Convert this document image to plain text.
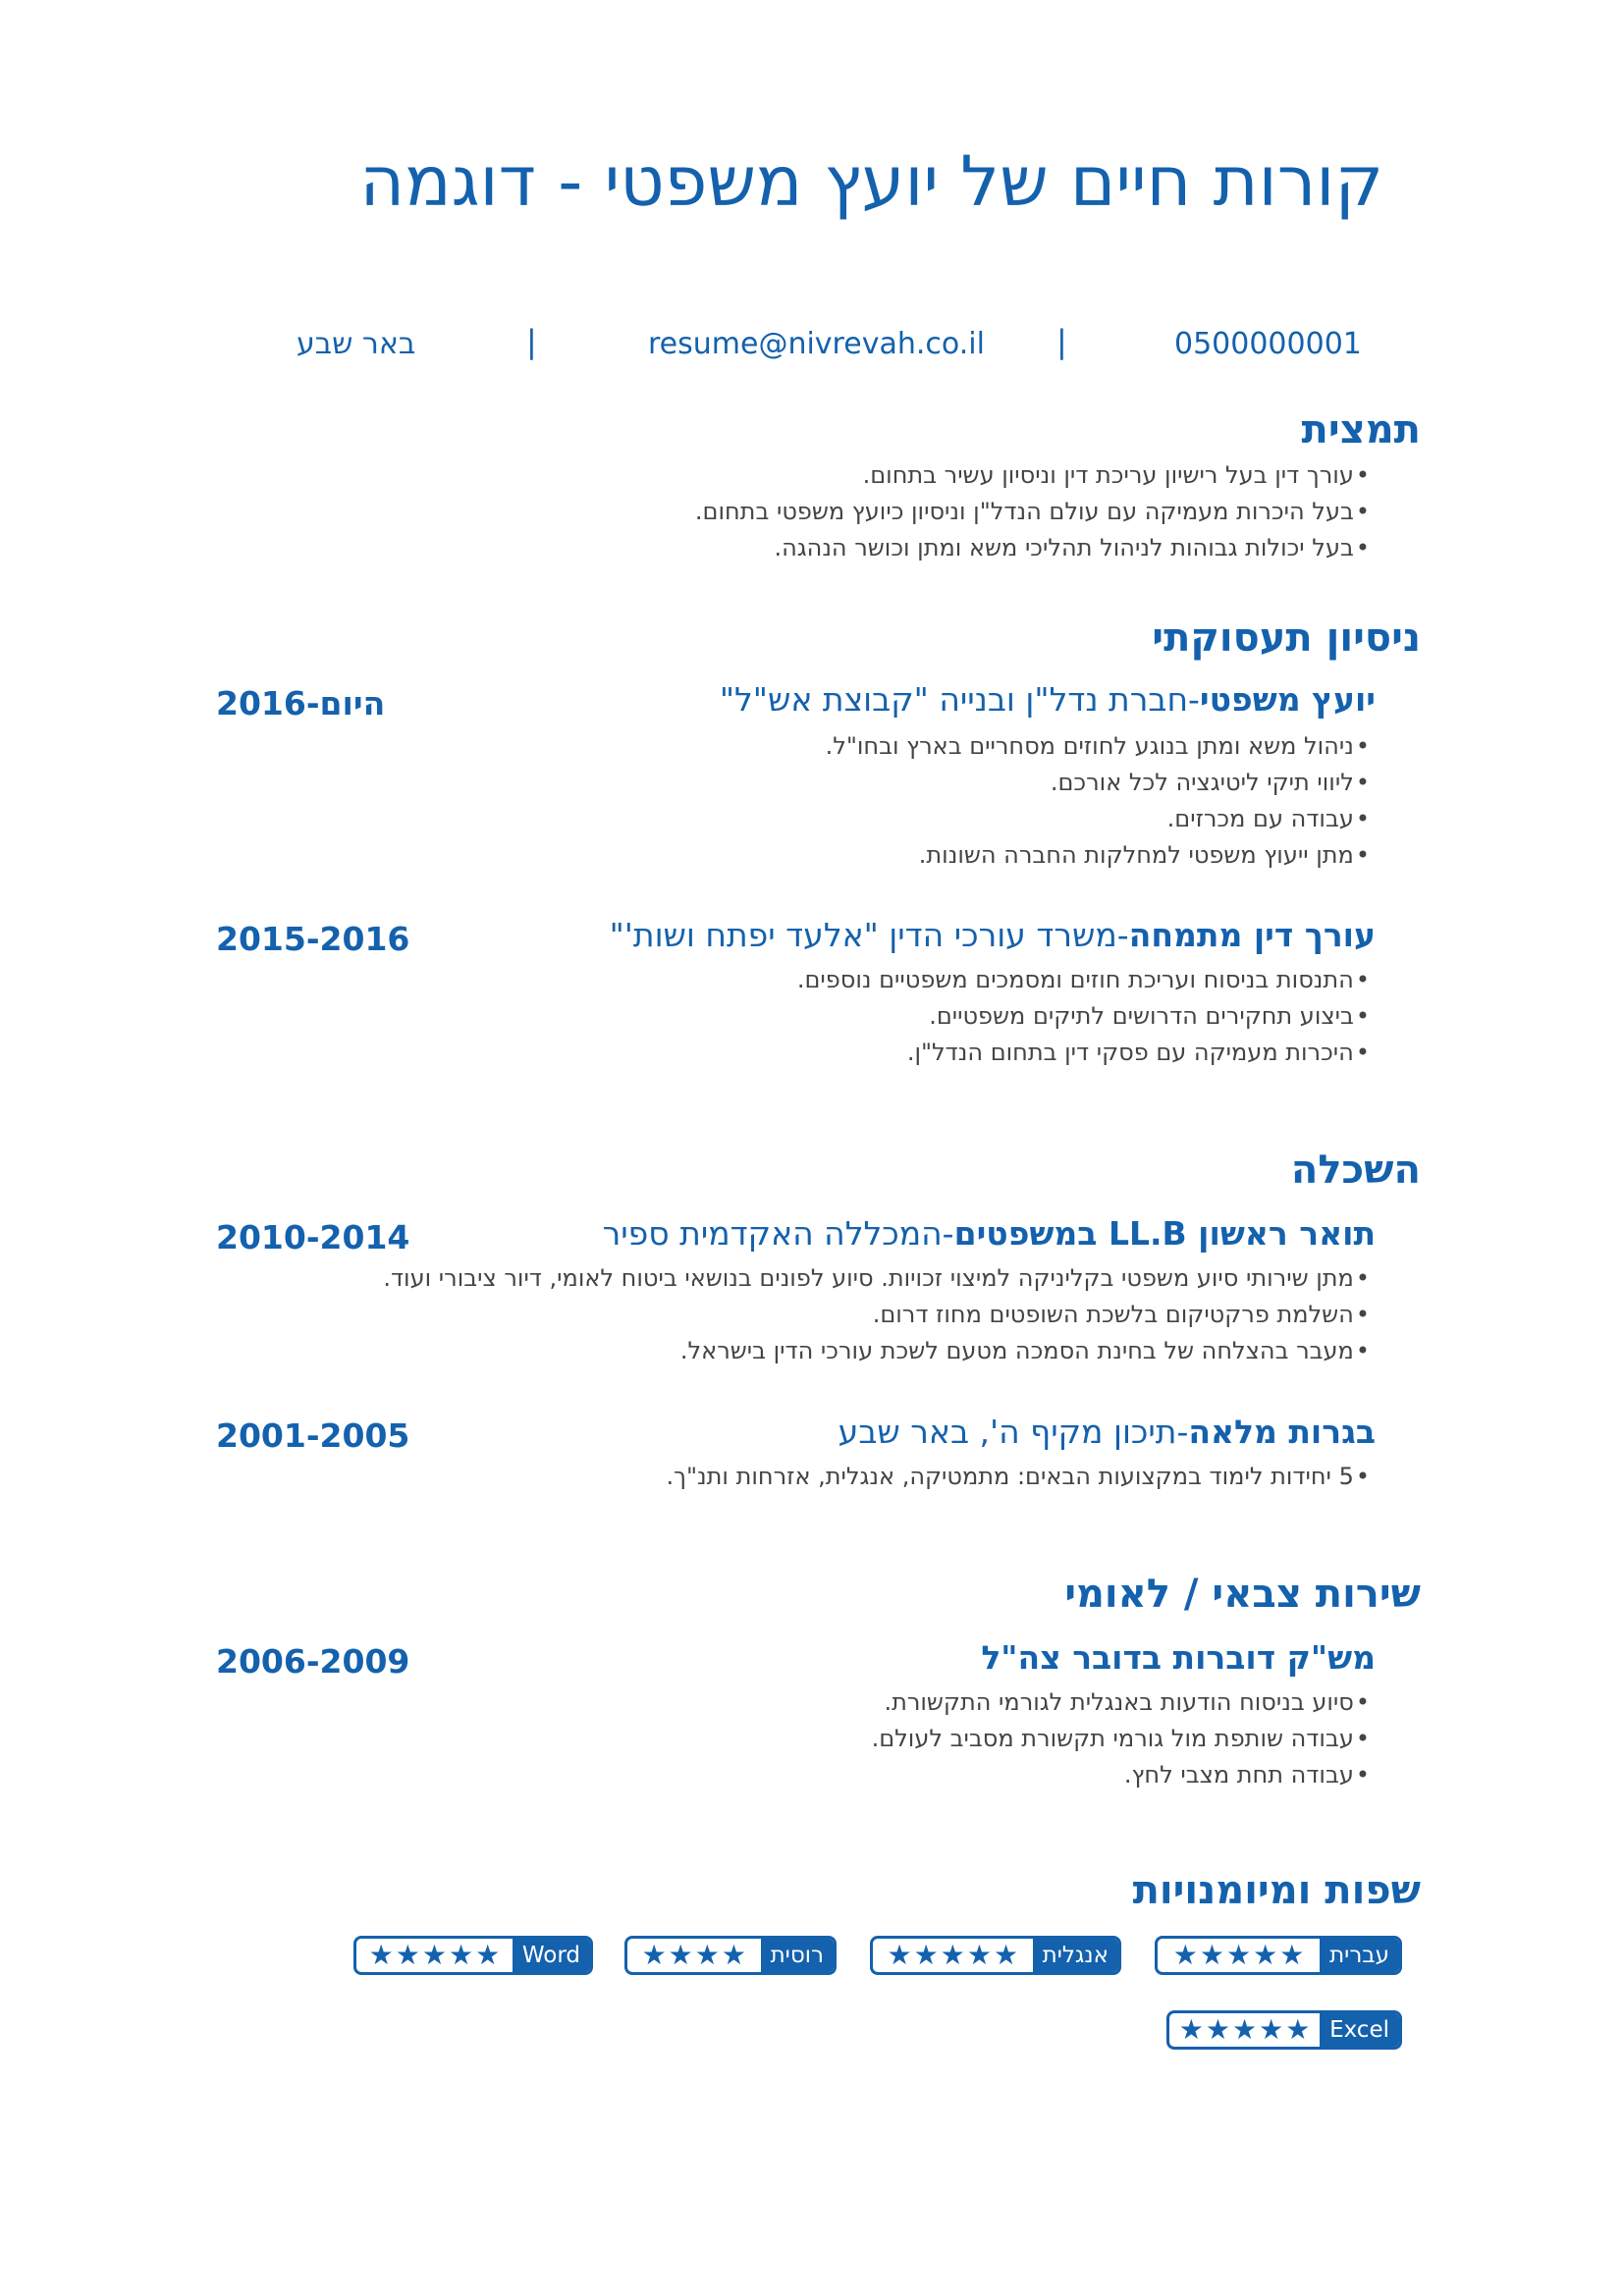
קורות חיים של יועץ משפטי - דוגמה
0500000001
|
resume@nivrevah.co.il
|
באר שבע
תמצית
• עורך דין בעל רישיון עריכת דין וניסיון עשיר בתחום.
• בעל היכרות מעמיקה עם עולם הנדל"ן וניסיון כיועץ משפטי בתחום.
• בעל יכולות גבוהות לניהול תהליכי משא ומתן וכושר הנהגה.
ניסיון תעסוקתי
יועץ משפטי-חברת נדל"ן ובנייה "קבוצת אש"ל"
2016-היום
• ניהול משא ומתן בנוגע לחוזים מסחריים בארץ ובחו"ל.
• ליווי תיקי ליטיגציה לכל אורכם.
• עבודה עם מכרזים.
• מתן ייעוץ משפטי למחלקות החברה השונות.
עורך דין מתמחה-משרד עורכי הדין "אלעד יפתח ושות'"
2015-2016
• התנסות בניסוח ועריכת חוזים ומסמכים משפטיים נוספים.
• ביצוע תחקירים הדרושים לתיקים משפטיים.
• היכרות מעמיקה עם פסקי דין בתחום הנדל"ן.
השכלה
תואר ראשון LL.B במשפטים-המכללה האקדמית ספיר
2010-2014
• מתן שירותי סיוע משפטי בקליניקה למיצוי זכויות. סיוע לפונים בנושאי ביטוח לאומי, דיור ציבורי ועוד.
• השלמת פרקטיקום בלשכת השופטים מחוז דרום.
• מעבר בהצלחה של בחינת הסמכה מטעם לשכת עורכי הדין בישראל.
בגרות מלאה-תיכון מקיף ה', באר שבע
2001-2005
• 5 יחידות לימוד במקצועות הבאים: מתמטיקה, אנגלית, אזרחות ותנ"ך.
שירות צבאי / לאומי
מש"ק דוברות בדובר צה"ל
2006-2009
• סיוע בניסוח הודעות באנגלית לגורמי התקשורת.
• עבודה שותפת מול גורמי תקשורת מסביב לעולם.
• עבודה תחת מצבי לחץ.
שפות ומיומנויות
★ ★ ★ ★ ★	עברית
★ ★ ★ ★ ★	אנגלית
★ ★ ★ ★	רוסית
★ ★ ★ ★ ★ Word
★ ★ ★ ★ ★ Excel
